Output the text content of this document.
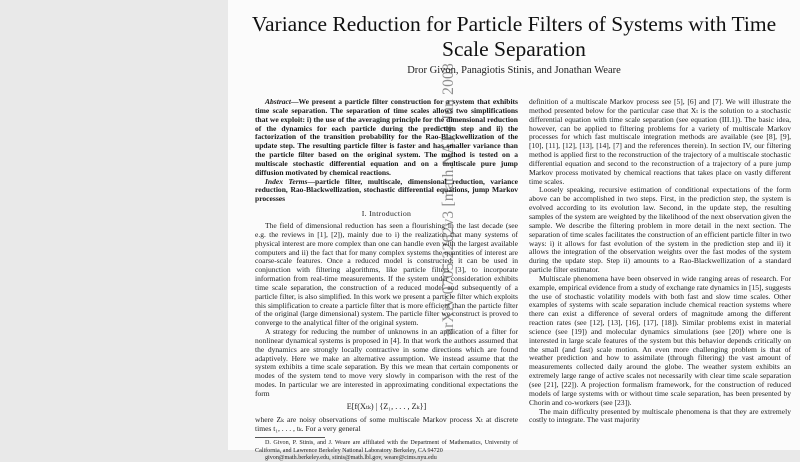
arXiv:0705.2262v3 [math.NA] 4 Jun 2008
Variance Reduction for Particle Filters of Systems with Time Scale Separation
Dror Givon, Panagiotis Stinis, and Jonathan Weare

Abstract—We present a particle filter construction for a system that exhibits time scale separation. The separation of time scales allows two simplifications that we exploit: i) the use of the averaging principle for the dimensional reduction of the dynamics for each particle during the prediction step and ii) the factorization of the transition probability for the Rao-Blackwellization of the update step. The resulting particle filter is faster and has smaller variance than the particle filter based on the original system. The method is tested on a multiscale stochastic differential equation and on a multiscale pure jump diffusion motivated by chemical reactions.

Index Terms—particle filter, multiscale, dimensional reduction, variance reduction, Rao-Blackwellization, stochastic differential equations, jump Markov processes

I. Introduction

The field of dimensional reduction has seen a flourishing in the last decade (see e.g. the reviews in [1], [2]), mainly due to i) the realization that many systems of physical interest are more complex than one can handle even with the largest available computers and ii) the fact that for many complex systems the quantities of interest are coarse-scale features. Once a reduced model is constructed, it can be used in conjunction with filtering algorithms, like particle filters [3], to incorporate information from real-time measurements. If the system under consideration exhibits time scale separation, the construction of a reduced model and subsequently of a particle filter, is also simplified. In this work we present a particle filter which exploits this simplification to create a particle filter that is more efficient than the particle filter of the original (large dimensional) system. The particle filter we construct is proved to converge to the analytical filter of the original system.

A strategy for reducing the number of unknowns in an application of a filter for nonlinear dynamical systems is proposed in [4]. In that work the authors assumed that the dynamics are strongly locally contractive in some directions which are found adaptively. Here we make an alternative assumption. We instead assume that the system exhibits a time scale separation. By this we mean that certain components or modes of the system tend to move very slowly in comparison with the rest of the modes. In particular we are interested in approximating conditional expectations the form

E[f(Xₜₖ) | {Z₁, . . . , Zₖ}]

where Zₖ are noisy observations of some multiscale Markov process Xₜ at discrete times t₁, . . . , tₖ. For a very general

D. Givon, P. Stinis, and J. Weare are affiliated with the Department of Mathematics, University of California, and Lawrence Berkeley National Laboratory Berkeley, CA 94720

givon@math.berkeley.edu, stinis@math.lbl.gov, weare@cims.nyu.edu

definition of a multiscale Markov process see [5], [6] and [7]. We will illustrate the method presented below for the particular case that Xₜ is the solution to a stochastic differential equation with time scale separation (see equation (III.1)). The basic idea, however, can be applied to filtering problems for a variety of multiscale Markov processes for which fast multiscale integration methods are available (see [8], [9], [10], [11], [12], [13], [14], [7] and the references therein). In section IV, our filtering method is applied first to the reconstruction of the trajectory of a multiscale stochastic differential equation and second to the reconstruction of a trajectory of a pure jump Markov process motivated by chemical reactions that takes place on vastly different time scales.

Loosely speaking, recursive estimation of conditional expectations of the form above can be accomplished in two steps. First, in the prediction step, the system is evolved according to its evolution law. Second, in the update step, the resulting samples of the system are weighted by the likelihood of the next observation given the sample. We describe the filtering problem in more detail in the next section. The separation of time scales facilitates the construction of an efficient particle filter in two ways: i) it allows for fast evolution of the system in the prediction step and ii) it allows the integration of the observation weights over the fast modes of the system during the update step. Step ii) amounts to a Rao-Blackwellization of a standard particle filter estimator.

Multiscale phenomena have been observed in wide ranging areas of research. For example, empirical evidence from a study of exchange rate dynamics in [15], suggests the use of stochastic volatility models with both fast and slow time scales. Other examples of systems with scale separation include chemical reaction systems where there can exist a difference of several orders of magnitude among the different reaction rates (see [12], [13], [16], [17], [18]). Similar problems exist in material science (see [19]) and molecular dynamics simulations (see [20]) where one is interested in large scale features of the system but this behavior depends critically on the small (and fast) scale motion. An even more challenging problem is that of weather prediction and how to assimilate (through filtering) the vast amount of measurements collected daily around the globe. The weather system exhibits an extremely large range of active scales not necessarily with clear time scale separation (see [21], [22]). A projection formalism framework, for the construction of reduced models of large systems with or without time scale separation, has been presented by Chorin and co-workers (see [23]).

The main difficulty presented by multiscale phenomena is that they are extremely costly to integrate. The vast majority
